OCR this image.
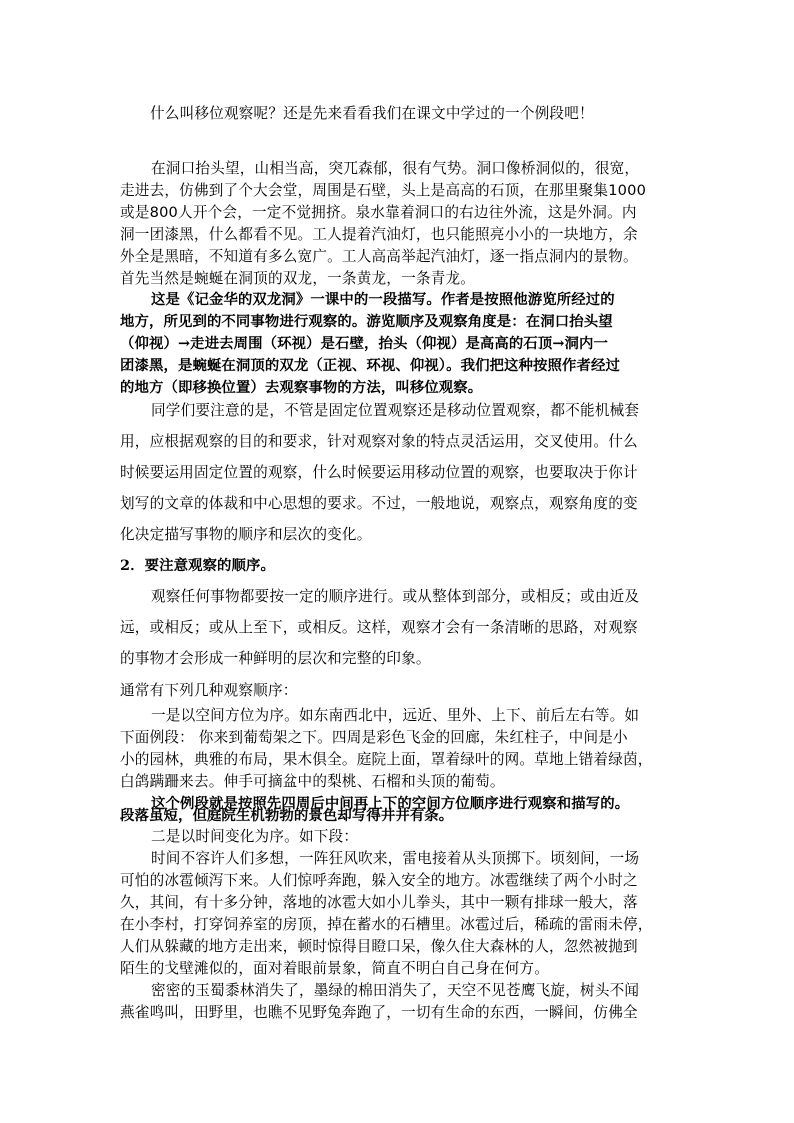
什么叫移位观察呢？还是先来看看我们在课文中学过的一个例段吧！
在洞口抬头望，山相当高，突兀森郁，很有气势。洞口像桥洞似的，很宽，
走进去，仿佛到了个大会堂，周围是石壁，头上是高高的石顶，在那里聚集1000
或是800人开个会，一定不觉拥挤。泉水靠着洞口的右边往外流，这是外洞。内
洞一团漆黑，什么都看不见。工人提着汽油灯，也只能照亮小小的一块地方，余
外全是黑暗，不知道有多么宽广。工人高高举起汽油灯，逐一指点洞内的景物。
首先当然是蜿蜒在洞顶的双龙，一条黄龙，一条青龙。
这是《记金华的双龙洞》一课中的一段描写。作者是按照他游览所经过的
地方，所见到的不同事物进行观察的。游览顺序及观察角度是：在洞口抬头望
（仰视）→走进去周围（环视）是石壁，抬头（仰视）是高高的石顶→洞内一
团漆黑，是蜿蜒在洞顶的双龙（正视、环视、仰视）。我们把这种按照作者经过
的地方（即移换位置）去观察事物的方法，叫移位观察。
同学们要注意的是，不管是固定位置观察还是移动位置观察，都不能机械套
用，应根据观察的目的和要求，针对观察对象的特点灵活运用，交叉使用。什么
时候要运用固定位置的观察，什么时候要运用移动位置的观察，也要取决于你计
划写的文章的体裁和中心思想的要求。不过，一般地说，观察点，观察角度的变
化决定描写事物的顺序和层次的变化。
2．要注意观察的顺序。
观察任何事物都要按一定的顺序进行。或从整体到部分，或相反；或由近及
远，或相反；或从上至下，或相反。这样，观察才会有一条清晰的思路，对观察
的事物才会形成一种鲜明的层次和完整的印象。
通常有下列几种观察顺序：
一是以空间方位为序。如东南西北中，远近、里外、上下、前后左右等。如
下面例段： 你来到葡萄架之下。四周是彩色飞金的回廊，朱红柱子，中间是小
小的园林，典雅的布局，果木俱全。庭院上面，罩着绿叶的网。草地上错着绿茵，
白鸽蹒跚来去。伸手可摘盆中的梨桃、石榴和头顶的葡萄。
这个例段就是按照先四周后中间再上下的空间方位顺序进行观察和描写的。
段落虽短，但庭院生机勃勃的景色却写得井井有条。
二是以时间变化为序。如下段：
时间不容许人们多想，一阵狂风吹来，雷电接着从头顶掷下。顷刻间，一场
可怕的冰雹倾泻下来。人们惊呼奔跑，躲入安全的地方。冰雹继续了两个小时之
久，其间，有十多分钟，落地的冰雹大如小儿拳头，其中一颗有排球一般大，落
在小李村，打穿饲养室的房顶，掉在蓄水的石槽里。冰雹过后，稀疏的雷雨未停，
人们从躲藏的地方走出来，顿时惊得目瞪口呆，像久住大森林的人，忽然被抛到
陌生的戈壁滩似的，面对着眼前景象，简直不明白自己身在何方。
密密的玉蜀黍林消失了，墨绿的棉田消失了，天空不见苍鹰飞旋，树头不闻
燕雀鸣叫，田野里，也瞧不见野兔奔跑了，一切有生命的东西，一瞬间，仿佛全
